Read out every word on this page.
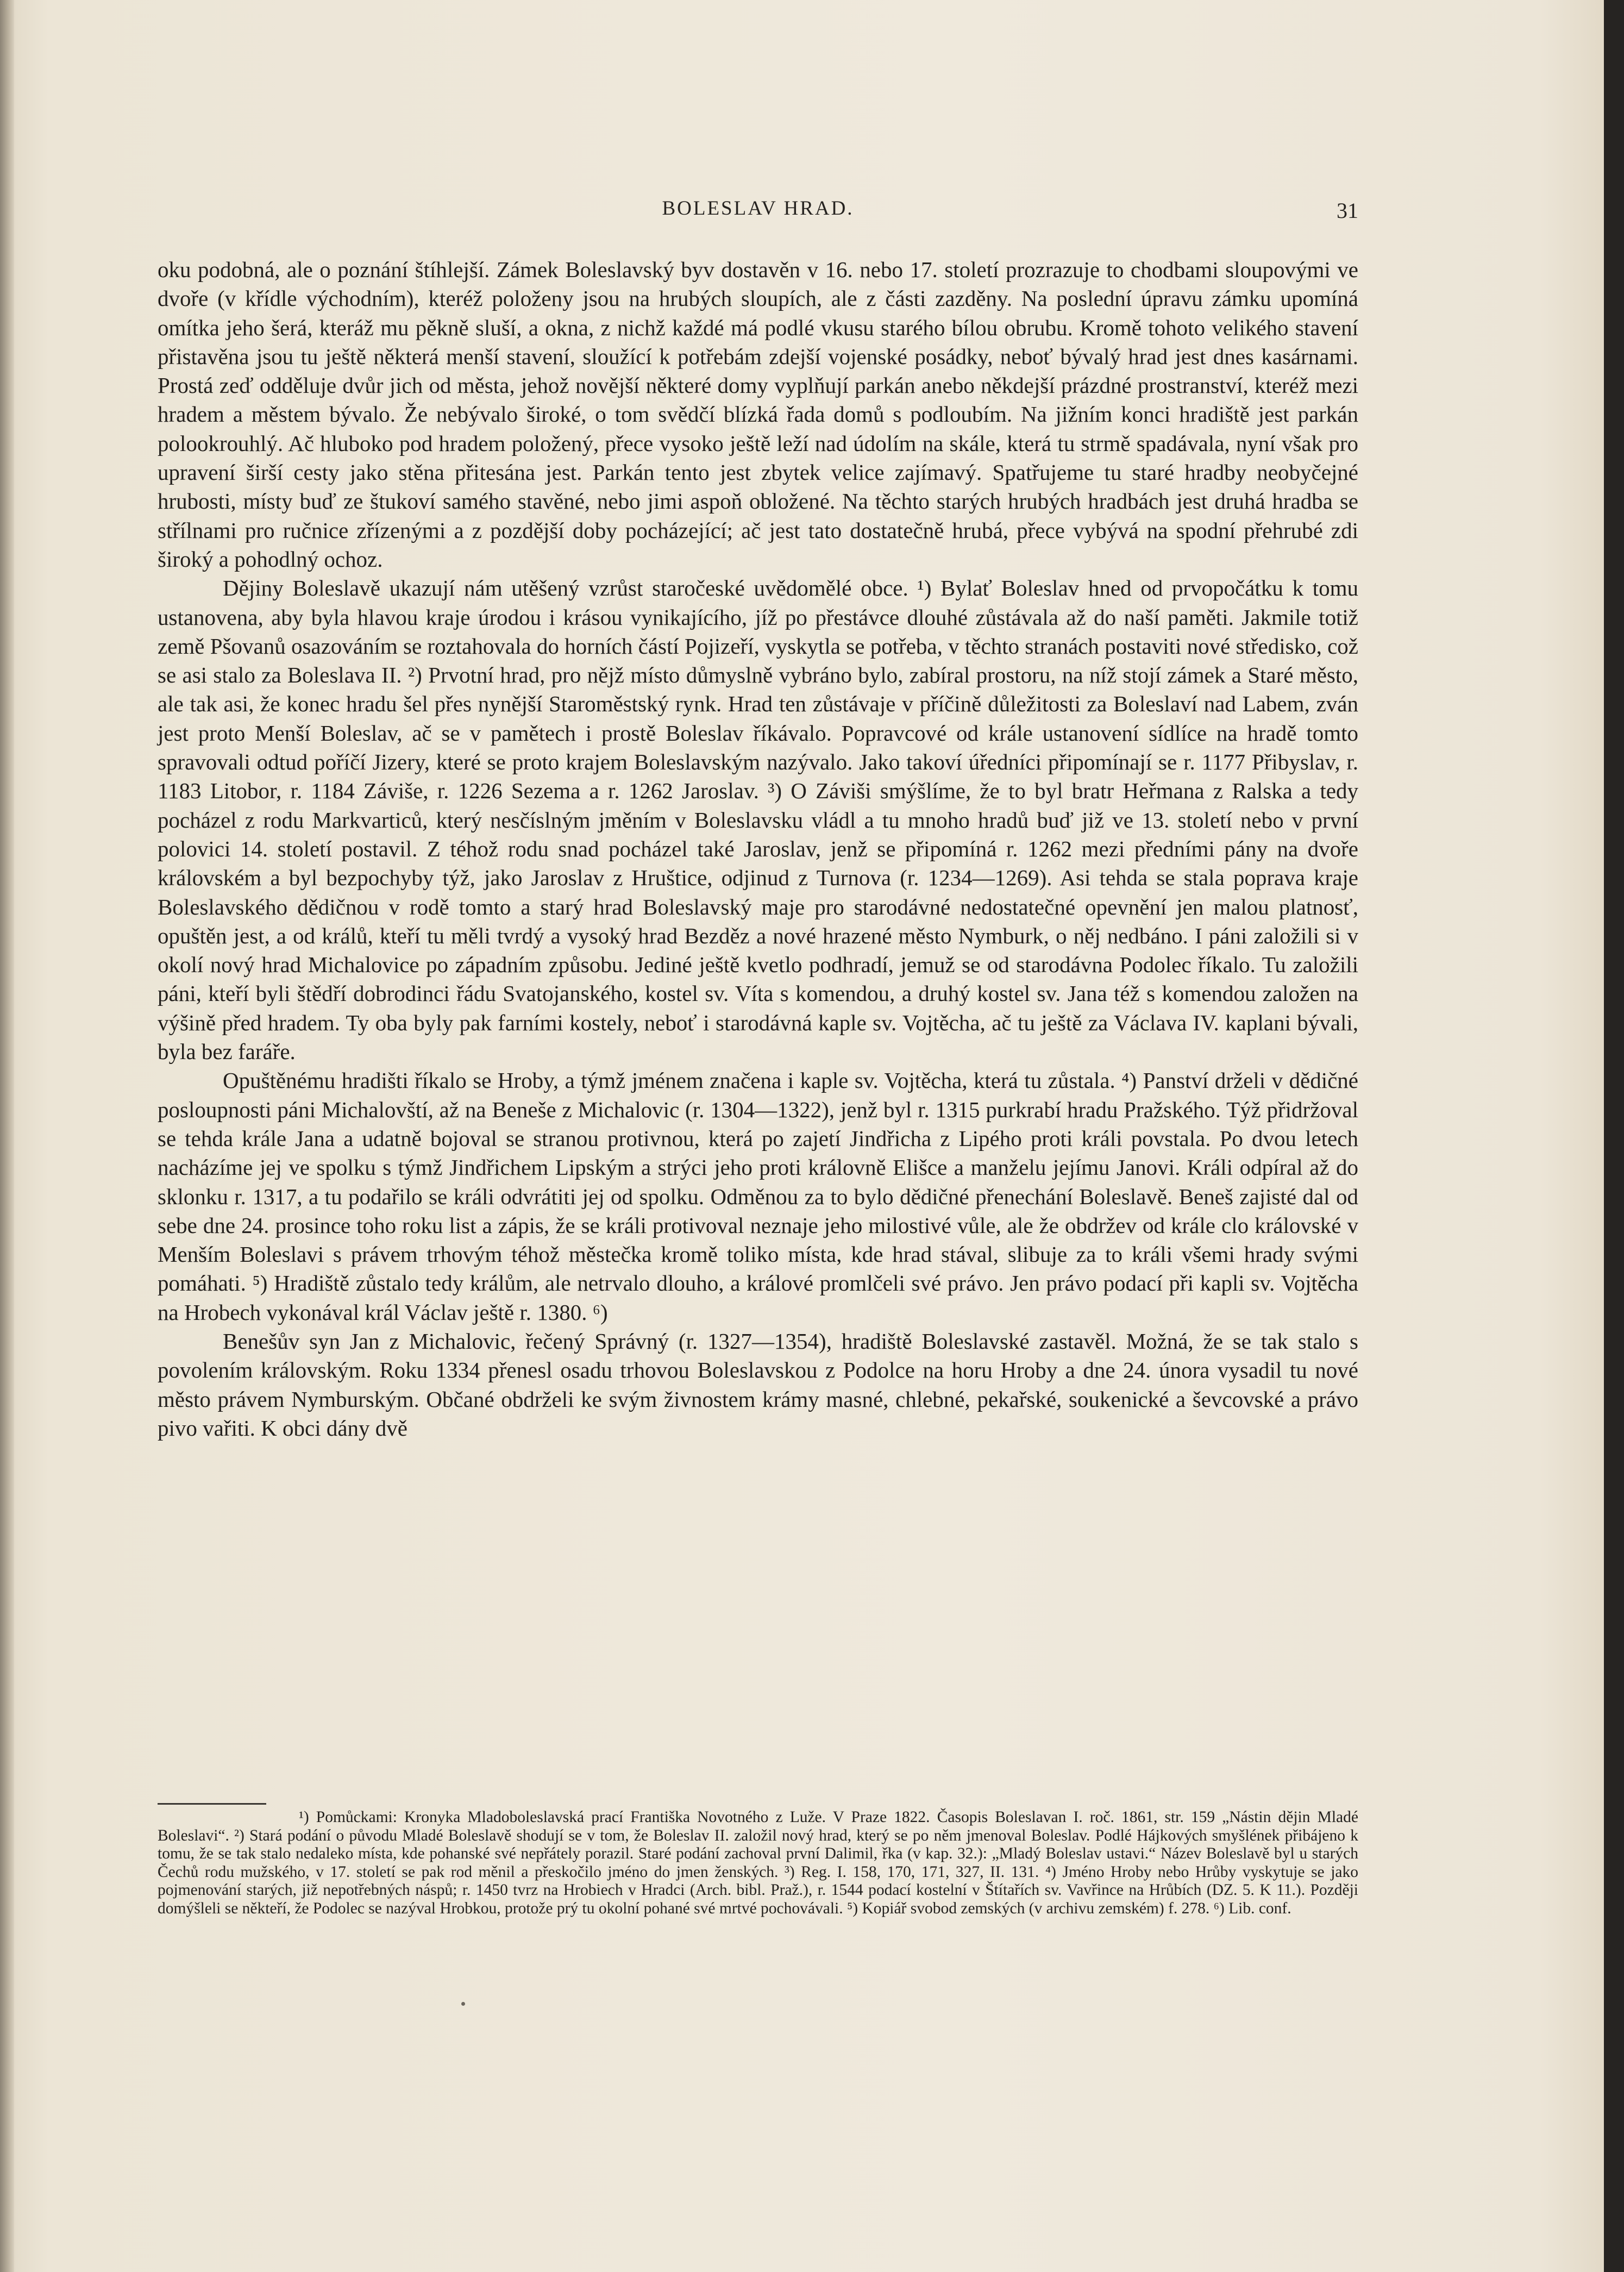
BOLESLAV HRAD.	31

oku podobná, ale o poznání štíhlejší. Zámek Boleslavský byv dostavěn v 16. nebo 17. století prozrazuje to chodbami sloupovými ve dvoře (v křídle východním), kteréž položeny jsou na hrubých sloupích, ale z části zazděny. Na poslední úpravu zámku upomíná omítka jeho šerá, kteráž mu pěkně sluší, a okna, z nichž každé má podlé vkusu starého bílou obrubu. Kromě tohoto velikého stavení přistavěna jsou tu ještě některá menší stavení, sloužící k potřebám zdejší vojenské posádky, neboť bývalý hrad jest dnes kasárnami. Prostá zeď odděluje dvůr jich od města, jehož novější některé domy vyplňují parkán anebo někdejší prázdné prostranství, kteréž mezi hradem a městem bývalo. Že nebývalo široké, o tom svědčí blízká řada domů s podloubím. Na jižním konci hradiště jest parkán polookrouhlý. Ač hluboko pod hradem položený, přece vysoko ještě leží nad údolím na skále, která tu strmě spadávala, nyní však pro upravení širší cesty jako stěna přitesána jest. Parkán tento jest zbytek velice zajímavý. Spatřujeme tu staré hradby neobyčejné hrubosti, místy buď ze štukoví samého stavěné, nebo jimi aspoň obložené. Na těchto starých hrubých hradbách jest druhá hradba se střílnami pro ručnice zřízenými a z pozdější doby pocházející; ač jest tato dostatečně hrubá, přece vybývá na spodní přehrubé zdi široký a pohodlný ochoz.

Dějiny Boleslavě ukazují nám utěšený vzrůst staročeské uvědomělé obce. ¹) Bylať Boleslav hned od prvopočátku k tomu ustanovena, aby byla hlavou kraje úrodou i krásou vynikajícího, jíž po přestávce dlouhé zůstávala až do naší paměti. Jakmile totiž země Pšovanů osazováním se roztahovala do horních částí Pojizeří, vyskytla se potřeba, v těchto stranách postaviti nové středisko, což se asi stalo za Boleslava II. ²) Prvotní hrad, pro nějž místo důmyslně vybráno bylo, zabíral prostoru, na níž stojí zámek a Staré město, ale tak asi, že konec hradu šel přes nynější Staroměstský rynk. Hrad ten zůstávaje v příčině důležitosti za Boleslaví nad Labem, zván jest proto Menší Boleslav, ač se v pamětech i prostě Boleslav říkávalo. Popravcové od krále ustanovení sídlíce na hradě tomto spravovali odtud poříčí Jizery, které se proto krajem Boleslavským nazývalo. Jako takoví úředníci připomínají se r. 1177 Přibyslav, r. 1183 Litobor, r. 1184 Záviše, r. 1226 Sezema a r. 1262 Jaroslav. ³) O Záviši smýšlíme, že to byl bratr Heřmana z Ralska a tedy pocházel z rodu Markvarticů, který nesčíslným jměním v Boleslavsku vládl a tu mnoho hradů buď již ve 13. století nebo v první polovici 14. století postavil. Z téhož rodu snad pocházel také Jaroslav, jenž se připomíná r. 1262 mezi předními pány na dvoře královském a byl bezpochyby týž, jako Jaroslav z Hruštice, odjinud z Turnova (r. 1234—1269). Asi tehda se stala poprava kraje Boleslavského dědičnou v rodě tomto a starý hrad Boleslavský maje pro starodávné nedostatečné opevnění jen malou platnosť, opuštěn jest, a od králů, kteří tu měli tvrdý a vysoký hrad Bezděz a nové hrazené město Nymburk, o něj nedbáno. I páni založili si v okolí nový hrad Michalovice po západním způsobu. Jediné ještě kvetlo podhradí, jemuž se od starodávna Podolec říkalo. Tu založili páni, kteří byli štědří dobrodinci řádu Svatojanského, kostel sv. Víta s komendou, a druhý kostel sv. Jana též s komendou založen na výšině před hradem. Ty oba byly pak farními kostely, neboť i starodávná kaple sv. Vojtěcha, ač tu ještě za Václava IV. kaplani bývali, byla bez faráře.

Opuštěnému hradišti říkalo se Hroby, a týmž jménem značena i kaple sv. Vojtěcha, která tu zůstala. ⁴) Panství drželi v dědičné posloupnosti páni Michalovští, až na Beneše z Michalovic (r. 1304—1322), jenž byl r. 1315 purkrabí hradu Pražského. Týž přidržoval se tehda krále Jana a udatně bojoval se stranou protivnou, která po zajetí Jindřicha z Lipého proti králi povstala. Po dvou letech nacházíme jej ve spolku s týmž Jindřichem Lipským a strýci jeho proti královně Elišce a manželu jejímu Janovi. Králi odpíral až do sklonku r. 1317, a tu podařilo se králi odvrátiti jej od spolku. Odměnou za to bylo dědičné přenechání Boleslavě. Beneš zajisté dal od sebe dne 24. prosince toho roku list a zápis, že se králi protivoval neznaje jeho milostivé vůle, ale že obdržev od krále clo královské v Menším Boleslavi s právem trhovým téhož městečka kromě toliko místa, kde hrad stával, slibuje za to králi všemi hrady svými pomáhati. ⁵) Hradiště zůstalo tedy králům, ale netrvalo dlouho, a králové promlčeli své právo. Jen právo podací při kapli sv. Vojtěcha na Hrobech vykonával král Václav ještě r. 1380. ⁶)

Benešův syn Jan z Michalovic, řečený Správný (r. 1327—1354), hradiště Boleslavské zastavěl. Možná, že se tak stalo s povolením královským. Roku 1334 přenesl osadu trhovou Boleslavskou z Podolce na horu Hroby a dne 24. února vysadil tu nové město právem Nymburským. Občané obdrželi ke svým živnostem krámy masné, chlebné, pekařské, soukenické a ševcovské a právo pivo vařiti. K obci dány dvě

¹) Pomůckami: Kronyka Mladoboleslavská prací Františka Novotného z Luže. V Praze 1822. Časopis Boleslavan I. roč. 1861, str. 159 „Nástin dějin Mladé Boleslavi“. ²) Stará podání o původu Mladé Boleslavě shodují se v tom, že Boleslav II. založil nový hrad, který se po něm jmenoval Boleslav. Podlé Hájkových smyšlének přibájeno k tomu, že se tak stalo nedaleko místa, kde pohanské své nepřátely porazil. Staré podání zachoval první Dalimil, řka (v kap. 32.): „Mladý Boleslav ustavi.“ Název Boleslavě byl u starých Čechů rodu mužského, v 17. století se pak rod měnil a přeskočilo jméno do jmen ženských. ³) Reg. I. 158, 170, 171, 327, II. 131. ⁴) Jméno Hroby nebo Hrůby vyskytuje se jako pojmenování starých, již nepotřebných náspů; r. 1450 tvrz na Hrobiech v Hradci (Arch. bibl. Praž.), r. 1544 podací kostelní v Štítařích sv. Vavřince na Hrůbích (DZ. 5. K 11.). Později domýšleli se někteří, že Podolec se nazýval Hrobkou, protože prý tu okolní pohané své mrtvé pochovávali. ⁵) Kopiář svobod zemských (v archivu zemském) f. 278. ⁶) Lib. conf.
